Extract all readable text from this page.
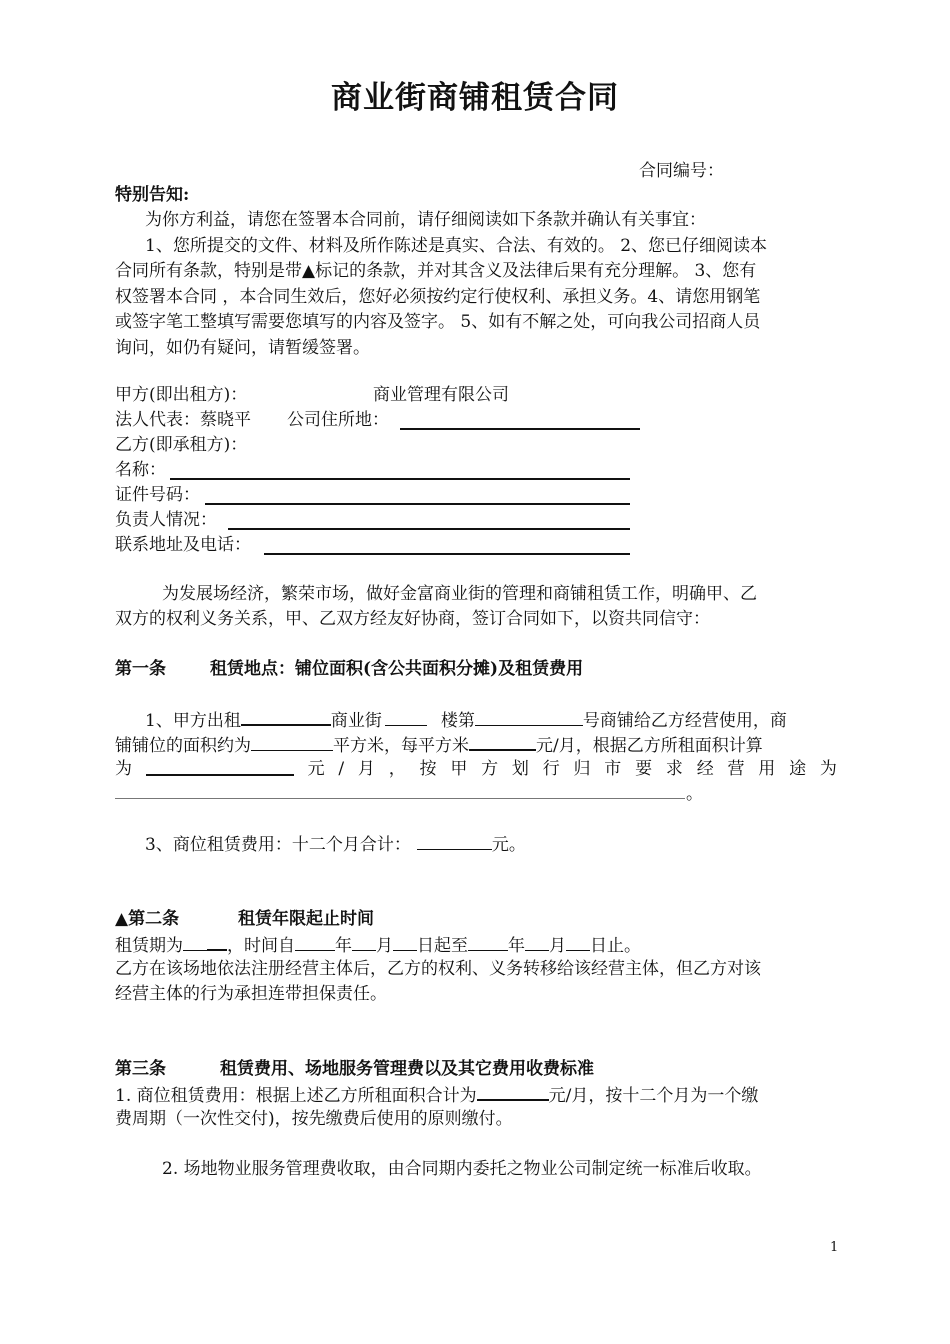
商业街商铺租赁合同
合同编号：
特别告知:
为你方利益，请您在签署本合同前，请仔细阅读如下条款并确认有关事宜：
1、您所提交的文件、材料及所作陈述是真实、合法、有效的。 2、您已仔细阅读本
合同所有条款，特别是带▲标记的条款，并对其含义及法律后果有充分理解。 3、您有
权签署本合同 ，本合同生效后，您好必须按约定行使权利、承担义务。4、请您用钢笔
或签字笔工整填写需要您填写的内容及签字。 5、如有不解之处，可向我公司招商人员
询问，如仍有疑问，请暂缓签署。
甲方(即出租方)：	商业管理有限公司
法人代表：蔡晓平 公司住所地：
乙方(即承租方)：
名称：
证件号码：
负责人情况：
联系地址及电话：
为发展场经济，繁荣市场，做好金富商业街的管理和商铺租赁工作，明确甲、乙
双方的权利义务关系，甲、乙双方经友好协商，签订合同如下，以资共同信守：
第一条	租赁地点：铺位面积(含公共面积分摊)及租赁费用
1、甲方出租	商业街	楼第	号商铺给乙方经营使用，商
铺铺位的面积约为	平方米，每平方米	元/月，根据乙方所租面积计算
为	元 / 月 ， 按 甲 方 划 行 归 市 要 求 经 营 用 途 为
。
3、商位租赁费用：十二个月合计：	元。
▲第二条	租赁年限起止时间
租赁期为	，时间自 年 月 日起至 年 月 日止。
乙方在该场地依法注册经营主体后，乙方的权利、义务转移给该经营主体，但乙方对该
经营主体的行为承担连带担保责任。
第三条	租赁费用、场地服务管理费以及其它费用收费标准
1. 商位租赁费用：根据上述乙方所租面积合计为	元/月，按十二个月为一个缴
费周期（一次性交付)，按先缴费后使用的原则缴付。
2. 场地物业服务管理费收取，由合同期内委托之物业公司制定统一标准后收取。
1
